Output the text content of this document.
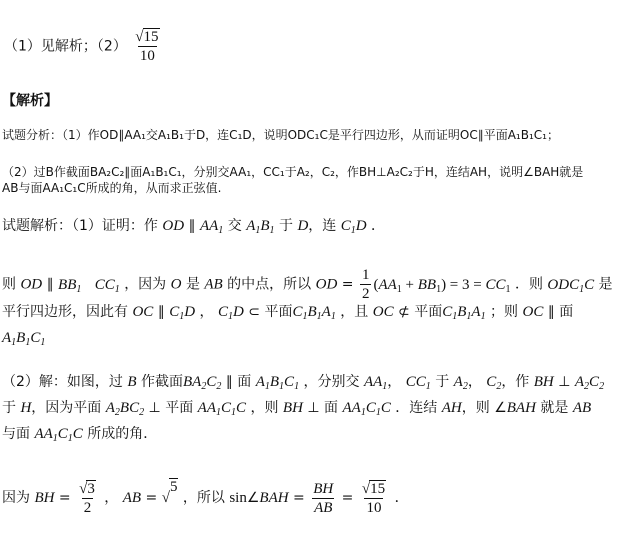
（1）见解析；$(2) \frac{√ 15}{10}$
【解析】
试题分析：（1）作OD∥AA₁交A₁B₁于D，连C₁D，说明ODC₁C是平行四边形，从而证明OC∥平面A₁B₁C₁；
（2）过B作截面BA₂C₂∥面A₁B₁C₁，分别交AA₁，CC₁于A₂，C₂，作BH⊥A₂C₂于H，连结AH，说明∠BAH就是
AB与面AA₁C₁C所成的角，从而求正弦值.
试题解析：（1）证明：作 OD ∥ $AA_1$ 交 $A_1B_1$ 于 D，连 $C_1D$ ．
则 OD ∥ $BB_1$ $CC_1$ ，因为 O 是 AB 的中点，所以 OD = $\frac{1}{2} (AA_1 + BB_1) = 3 = CC_1$ ．则 $ODC_1C$ 是
平行四边形，因此有 OC ∥ $C_1D$ ， $C_1D$ ⊂ 平面$C_1B_1A_1$ ，且 OC ⊄ 平面$C_1B_1A_1$ ；则 OC ∥ 面
$A_1B_1C_1$
（2）解：如图，过 B 作截面$BA_2C_2$ ∥ 面 $A_1B_1C_1$ ，分别交 $AA_1$， $CC_1$ 于 $A_2$， $C_2$，作 BH ⊥ $A_2C_2$
于 H，因为平面 $A_2BC_2$ ⊥ 平面 $AA_1C_1C$ ，则 BH ⊥ 面 $AA_1C_1C$ ．连结 AH，则 ∠BAH 就是 AB
与面 $AA_1C_1C$ 所成的角．
因为 BH = $\frac{√ 3}{2}$ ， AB = √
5
，所以 sin∠BAH = $\frac{BH}{AB} = \frac{√ 15}{10}$ ．
